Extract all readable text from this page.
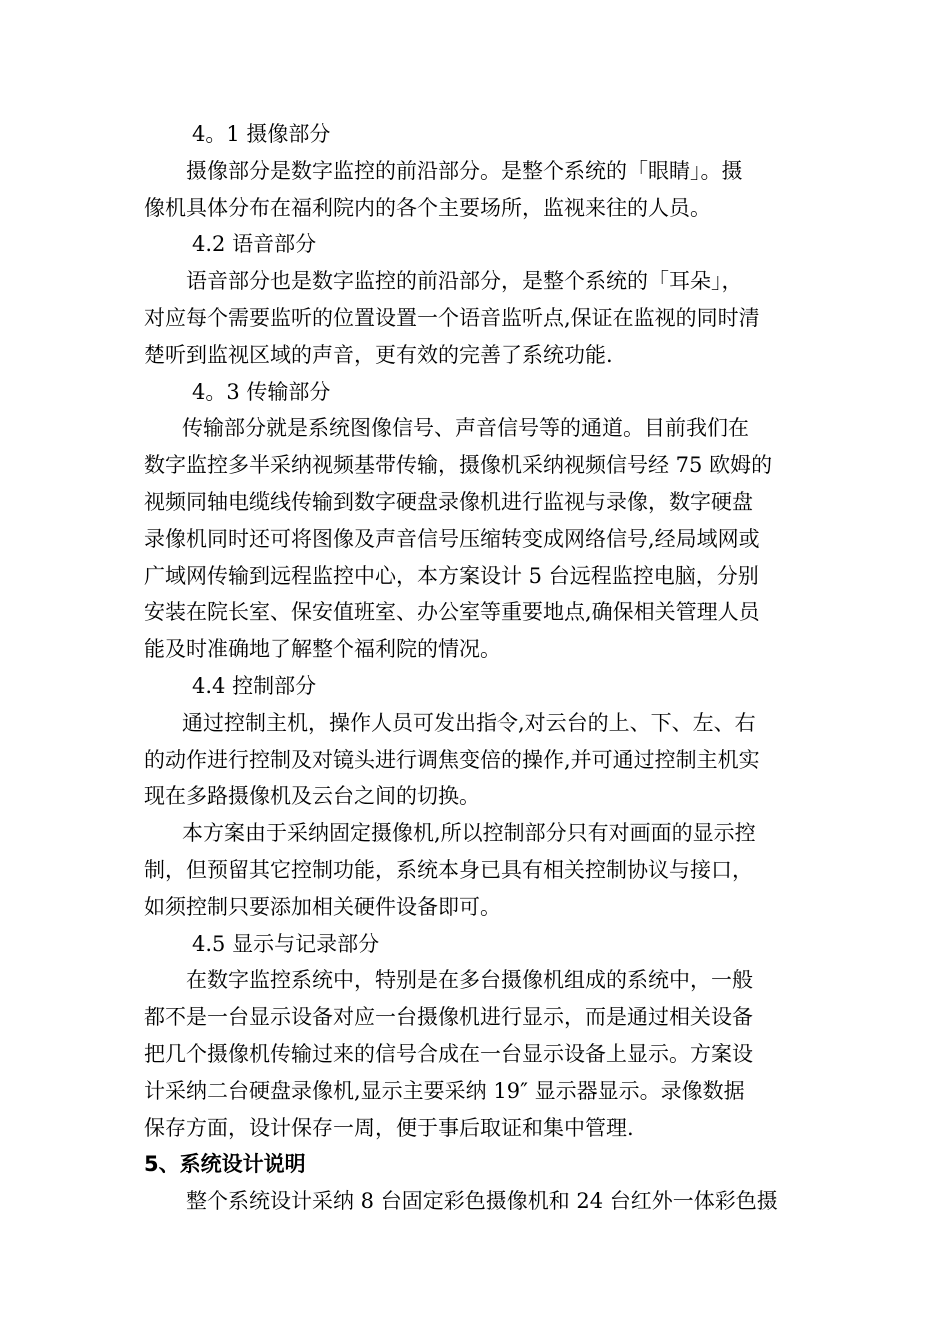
4。1 摄像部分
摄像部分是数字监控的前沿部分。是整个系统的「眼睛」。摄
像机具体分布在福利院内的各个主要场所，监视来往的人员。
4.2 语音部分
语音部分也是数字监控的前沿部分，是整个系统的「耳朵」，
对应每个需要监听的位置设置一个语音监听点,保证在监视的同时清
楚听到监视区域的声音，更有效的完善了系统功能.
4。3 传输部分
传输部分就是系统图像信号、声音信号等的通道。目前我们在
数字监控多半采纳视频基带传输，摄像机采纳视频信号经 75 欧姆的
视频同轴电缆线传输到数字硬盘录像机进行监视与录像，数字硬盘
录像机同时还可将图像及声音信号压缩转变成网络信号,经局域网或
广域网传输到远程监控中心，本方案设计 5 台远程监控电脑，分别
安装在院长室、保安值班室、办公室等重要地点,确保相关管理人员
能及时准确地了解整个福利院的情况。
4.4 控制部分
通过控制主机，操作人员可发出指令,对云台的上、下、左、右
的动作进行控制及对镜头进行调焦变倍的操作,并可通过控制主机实
现在多路摄像机及云台之间的切换。
本方案由于采纳固定摄像机,所以控制部分只有对画面的显示控
制，但预留其它控制功能，系统本身已具有相关控制协议与接口，
如须控制只要添加相关硬件设备即可。
4.5 显示与记录部分
在数字监控系统中，特别是在多台摄像机组成的系统中，一般
都不是一台显示设备对应一台摄像机进行显示，而是通过相关设备
把几个摄像机传输过来的信号合成在一台显示设备上显示。方案设
计采纳二台硬盘录像机,显示主要采纳 19″ 显示器显示。录像数据
保存方面，设计保存一周，便于事后取证和集中管理.
5、系统设计说明
整个系统设计采纳 8 台固定彩色摄像机和 24 台红外一体彩色摄
